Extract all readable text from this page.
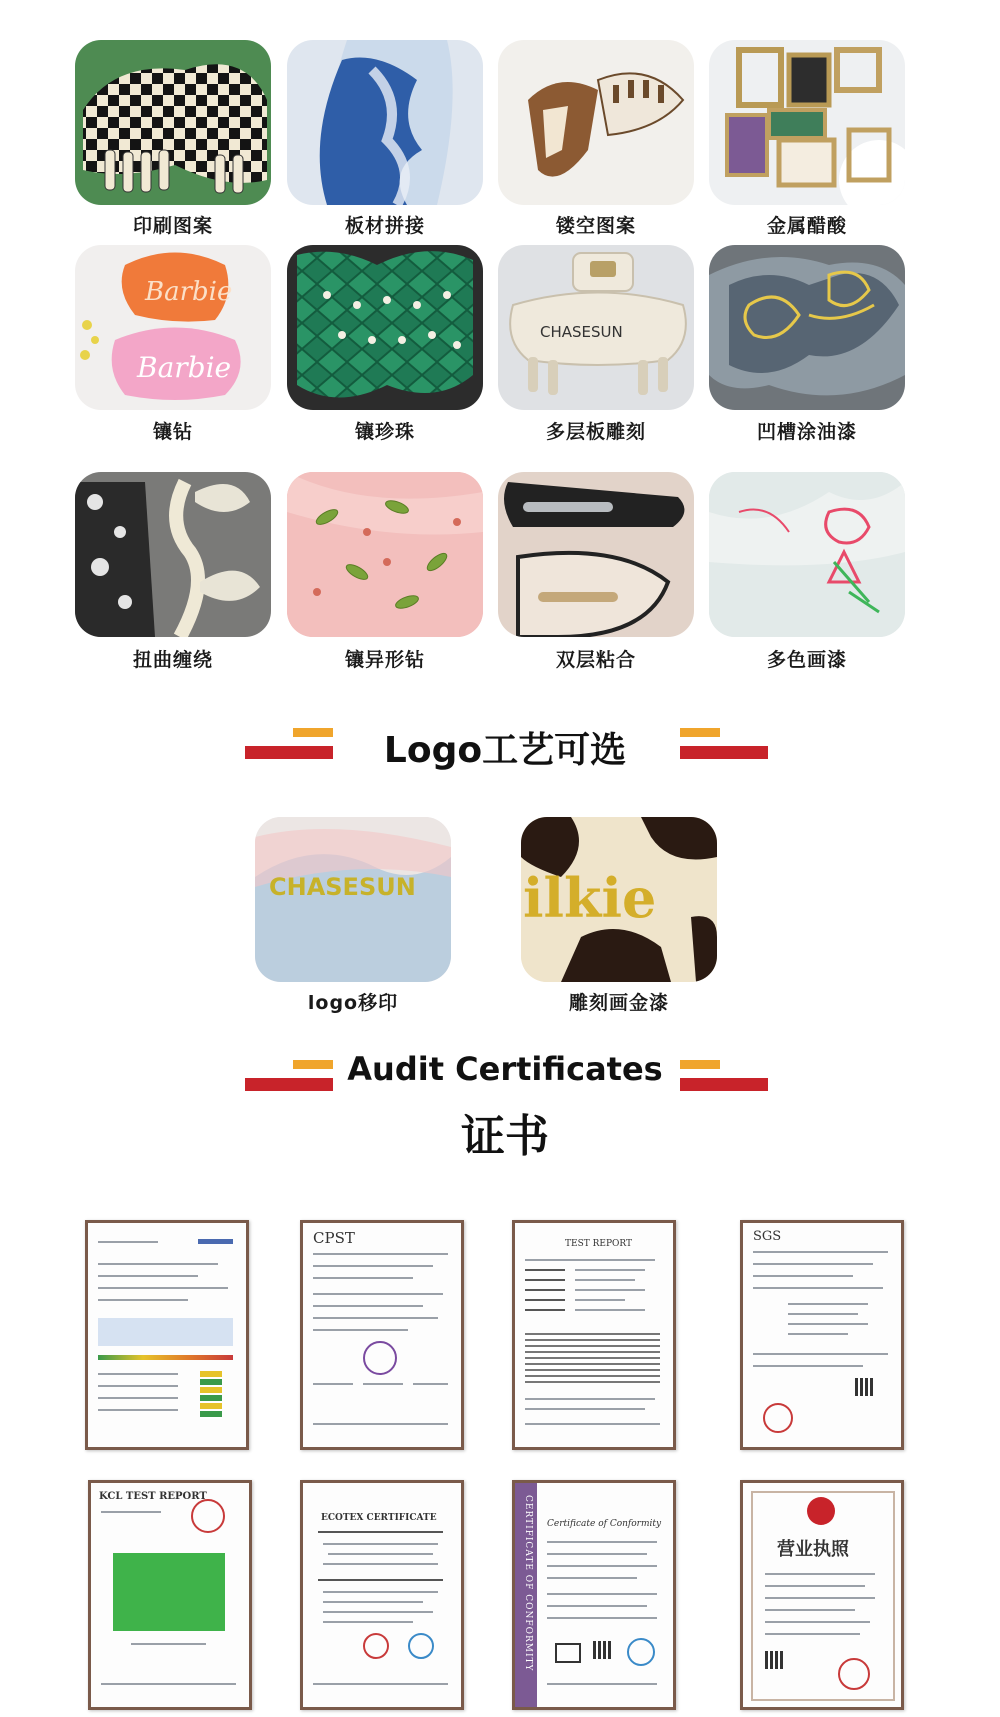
印刷图案	板材拼接	镂空图案	金属醋酸
Barbie
Barbie
镶钻	镶珍珠
CHASESUN
多层板雕刻	凹槽涂油漆
扭曲缠绕	镶异形钻	双层粘合	多色画漆
Logo工艺可选
CHASESUN
logo移印
ilkie
雕刻画金漆
Audit Certificates
证书
CPST	TEST REPORT	SGS
KCL TEST REPORT
ECOTEX CERTIFICATE	CERTIFICATE OF CONFORMITY Certificate of Conformity
营业执照
